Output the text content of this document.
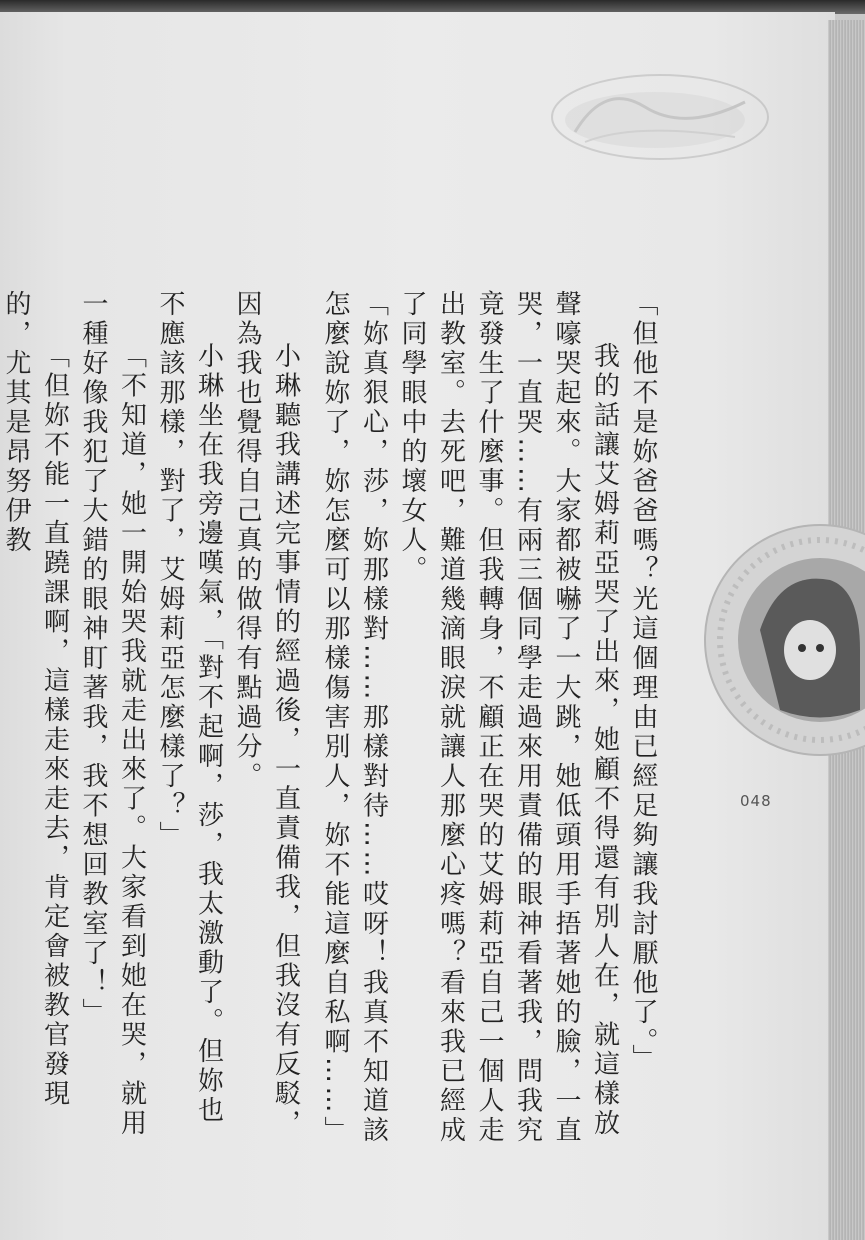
「但他不是妳爸爸嗎？光這個理由已經足夠讓我討厭他了。」

我的話讓艾姆莉亞哭了出來，她顧不得還有別人在，就這樣放聲嚎哭起來。大家都被嚇了一大跳，她低頭用手捂著她的臉，一直哭，一直哭……有兩三個同學走過來用責備的眼神看著我，問我究竟發生了什麼事。但我轉身，不顧正在哭的艾姆莉亞自己一個人走出教室。去死吧，難道幾滴眼淚就讓人那麼心疼嗎？看來我已經成了同學眼中的壞女人。

「妳真狠心，莎，妳那樣對……那樣對待……哎呀！我真不知道該怎麼說妳了，妳怎麼可以那樣傷害別人，妳不能這麼自私啊……」

小琳聽我講述完事情的經過後，一直責備我，但我沒有反駁，因為我也覺得自己真的做得有點過分。

小琳坐在我旁邊嘆氣，「對不起啊，莎，我太激動了。但妳也不應該那樣，對了，艾姆莉亞怎麼樣了？」

「不知道，她一開始哭我就走出來了。大家看到她在哭，就用一種好像我犯了大錯的眼神盯著我，我不想回教室了！」

「但妳不能一直蹺課啊，這樣走來走去，肯定會被教官發現的，尤其是昂努伊教

048
